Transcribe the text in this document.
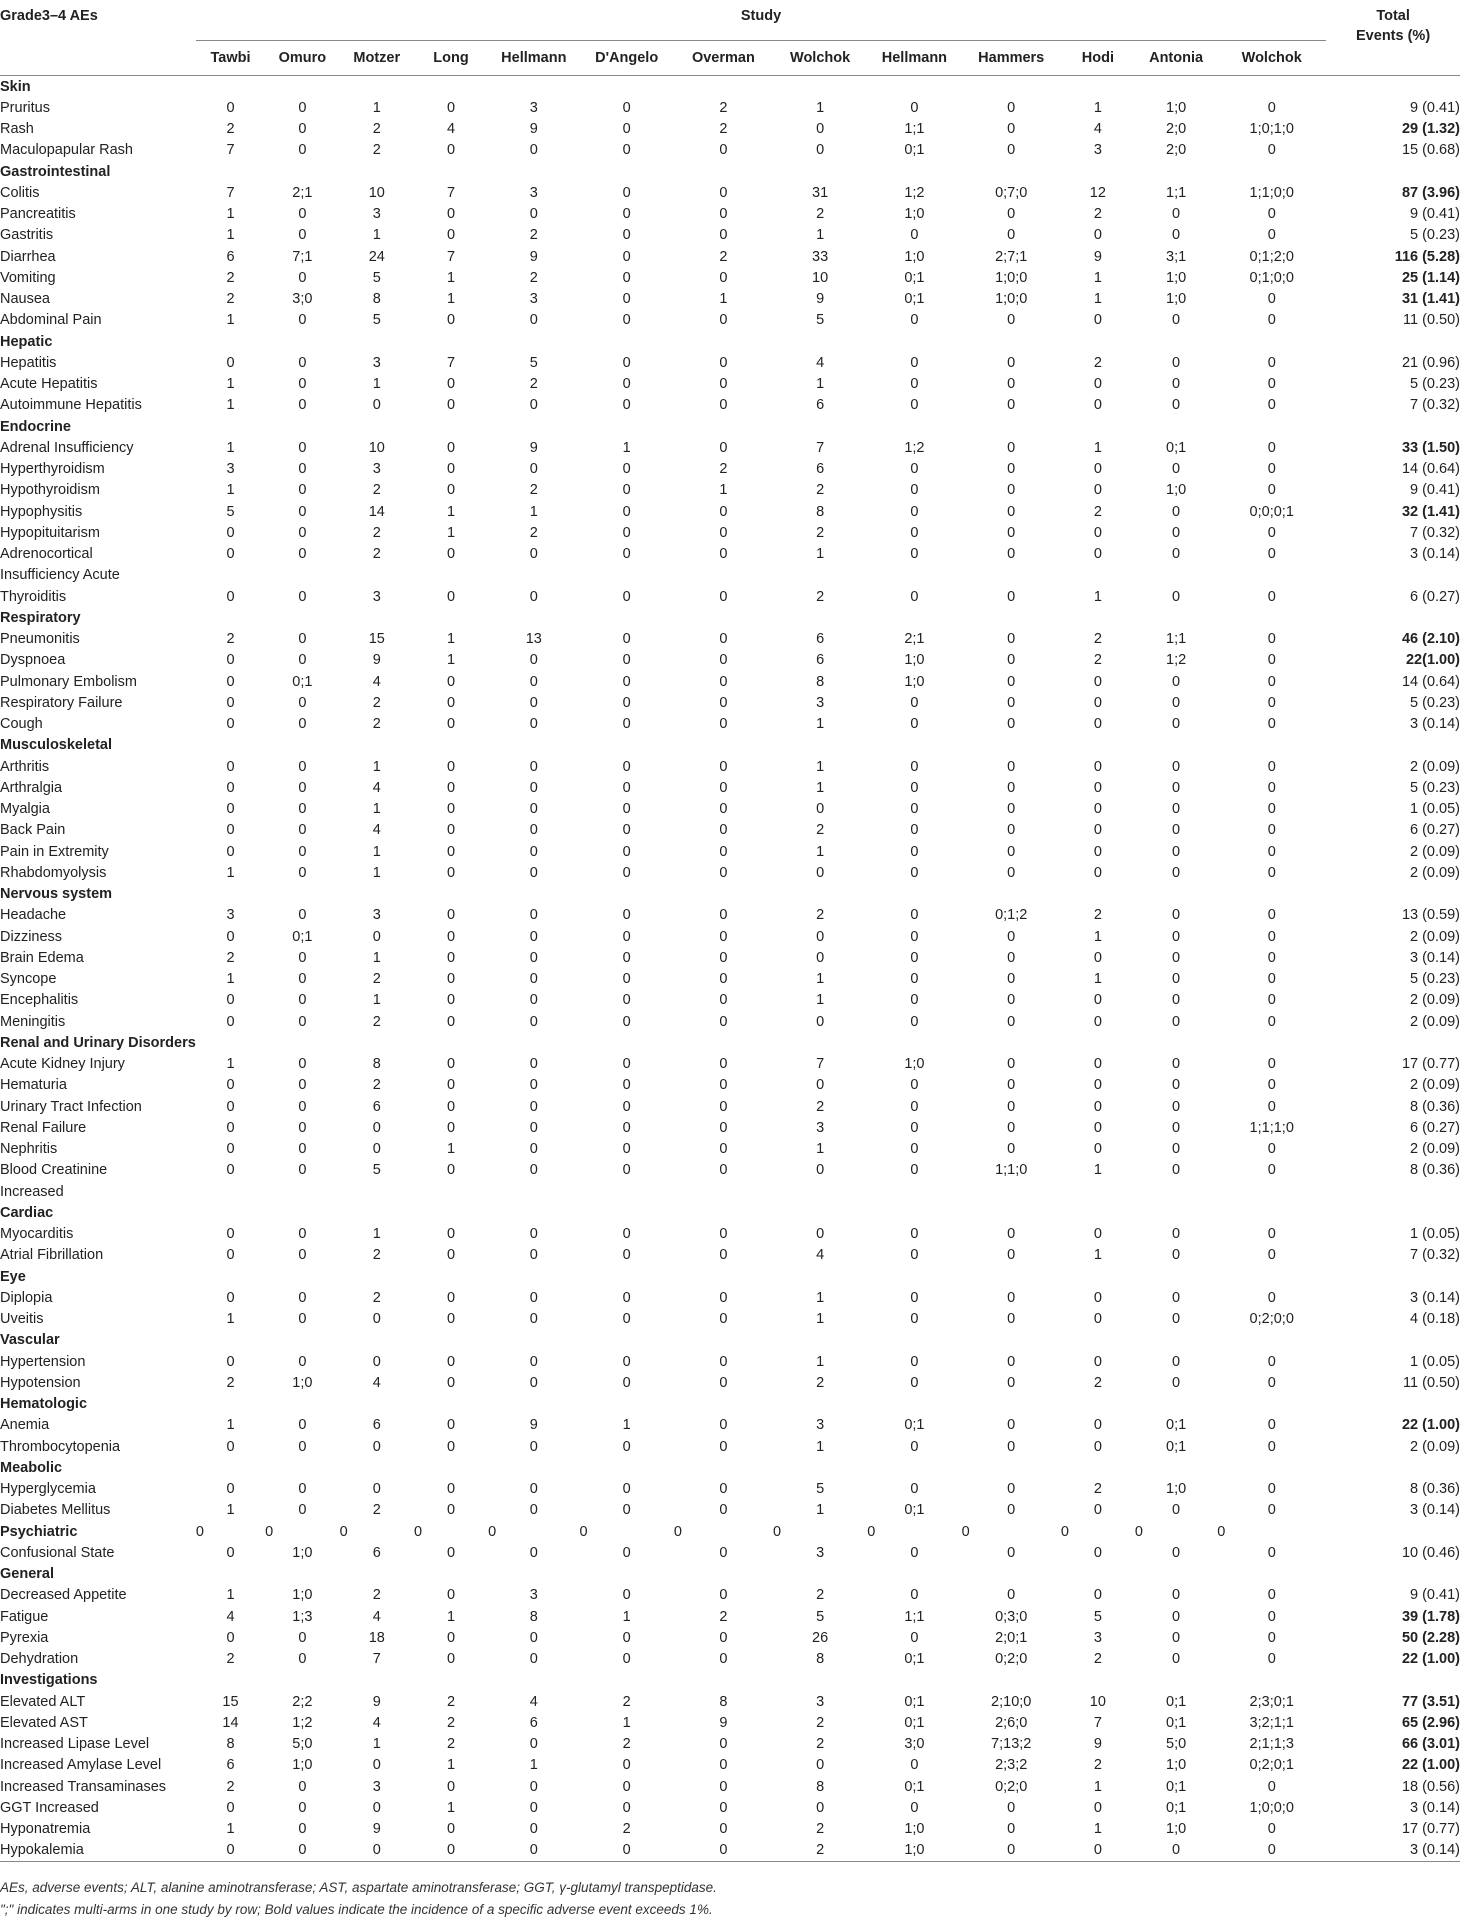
Grade3–4 AEs	Study													Total
Events (%)
	Tawbi	Omuro	Motzer	Long	Hellmann	D'Angelo	Overman	Wolchok	Hellmann	Hammers	Hodi	Antonia	Wolchok	
Skin														
Pruritus	0	0	1	0	3	0	2	1	0	0	1	1;0	0	9 (0.41)
Rash	2	0	2	4	9	0	2	0	1;1	0	4	2;0	1;0;1;0	29 (1.32)
Maculopapular Rash	7	0	2	0	0	0	0	0	0;1	0	3	2;0	0	15 (0.68)
Gastrointestinal														
Colitis	7	2;1	10	7	3	0	0	31	1;2	0;7;0	12	1;1	1;1;0;0	87 (3.96)
Pancreatitis	1	0	3	0	0	0	0	2	1;0	0	2	0	0	9 (0.41)
Gastritis	1	0	1	0	2	0	0	1	0	0	0	0	0	5 (0.23)
Diarrhea	6	7;1	24	7	9	0	2	33	1;0	2;7;1	9	3;1	0;1;2;0	116 (5.28)
Vomiting	2	0	5	1	2	0	0	10	0;1	1;0;0	1	1;0	0;1;0;0	25 (1.14)
Nausea	2	3;0	8	1	3	0	1	9	0;1	1;0;0	1	1;0	0	31 (1.41)
Abdominal Pain	1	0	5	0	0	0	0	5	0	0	0	0	0	11 (0.50)
Hepatic														
Hepatitis	0	0	3	7	5	0	0	4	0	0	2	0	0	21 (0.96)
Acute Hepatitis	1	0	1	0	2	0	0	1	0	0	0	0	0	5 (0.23)
Autoimmune Hepatitis	1	0	0	0	0	0	0	6	0	0	0	0	0	7 (0.32)
Endocrine														
Adrenal Insufficiency	1	0	10	0	9	1	0	7	1;2	0	1	0;1	0	33 (1.50)
Hyperthyroidism	3	0	3	0	0	0	2	6	0	0	0	0	0	14 (0.64)
Hypothyroidism	1	0	2	0	2	0	1	2	0	0	0	1;0	0	9 (0.41)
Hypophysitis	5	0	14	1	1	0	0	8	0	0	2	0	0;0;0;1	32 (1.41)
Hypopituitarism	0	0	2	1	2	0	0	2	0	0	0	0	0	7 (0.32)
Adrenocortical	0	0	2	0	0	0	0	1	0	0	0	0	0	3 (0.14)
Insufficiency Acute														
Thyroiditis	0	0	3	0	0	0	0	2	0	0	1	0	0	6 (0.27)
Respiratory														
Pneumonitis	2	0	15	1	13	0	0	6	2;1	0	2	1;1	0	46 (2.10)
Dyspnoea	0	0	9	1	0	0	0	6	1;0	0	2	1;2	0	22(1.00)
Pulmonary Embolism	0	0;1	4	0	0	0	0	8	1;0	0	0	0	0	14 (0.64)
Respiratory Failure	0	0	2	0	0	0	0	3	0	0	0	0	0	5 (0.23)
Cough	0	0	2	0	0	0	0	1	0	0	0	0	0	3 (0.14)
Musculoskeletal														
Arthritis	0	0	1	0	0	0	0	1	0	0	0	0	0	2 (0.09)
Arthralgia	0	0	4	0	0	0	0	1	0	0	0	0	0	5 (0.23)
Myalgia	0	0	1	0	0	0	0	0	0	0	0	0	0	1 (0.05)
Back Pain	0	0	4	0	0	0	0	2	0	0	0	0	0	6 (0.27)
Pain in Extremity	0	0	1	0	0	0	0	1	0	0	0	0	0	2 (0.09)
Rhabdomyolysis	1	0	1	0	0	0	0	0	0	0	0	0	0	2 (0.09)
Nervous system														
Headache	3	0	3	0	0	0	0	2	0	0;1;2	2	0	0	13 (0.59)
Dizziness	0	0;1	0	0	0	0	0	0	0	0	1	0	0	2 (0.09)
Brain Edema	2	0	1	0	0	0	0	0	0	0	0	0	0	3 (0.14)
Syncope	1	0	2	0	0	0	0	1	0	0	1	0	0	5 (0.23)
Encephalitis	0	0	1	0	0	0	0	1	0	0	0	0	0	2 (0.09)
Meningitis	0	0	2	0	0	0	0	0	0	0	0	0	0	2 (0.09)
Renal and Urinary Disorders														
Acute Kidney Injury	1	0	8	0	0	0	0	7	1;0	0	0	0	0	17 (0.77)
Hematuria	0	0	2	0	0	0	0	0	0	0	0	0	0	2 (0.09)
Urinary Tract Infection	0	0	6	0	0	0	0	2	0	0	0	0	0	8 (0.36)
Renal Failure	0	0	0	0	0	0	0	3	0	0	0	0	1;1;1;0	6 (0.27)
Nephritis	0	0	0	1	0	0	0	1	0	0	0	0	0	2 (0.09)
Blood Creatinine	0	0	5	0	0	0	0	0	0	1;1;0	1	0	0	8 (0.36)
Increased														
Cardiac														
Myocarditis	0	0	1	0	0	0	0	0	0	0	0	0	0	1 (0.05)
Atrial Fibrillation	0	0	2	0	0	0	0	4	0	0	1	0	0	7 (0.32)
Eye														
Diplopia	0	0	2	0	0	0	0	1	0	0	0	0	0	3 (0.14)
Uveitis	1	0	0	0	0	0	0	1	0	0	0	0	0;2;0;0	4 (0.18)
Vascular														
Hypertension	0	0	0	0	0	0	0	1	0	0	0	0	0	1 (0.05)
Hypotension	2	1;0	4	0	0	0	0	2	0	0	2	0	0	11 (0.50)
Hematologic														
Anemia	1	0	6	0	9	1	0	3	0;1	0	0	0;1	0	22 (1.00)
Thrombocytopenia	0	0	0	0	0	0	0	1	0	0	0	0;1	0	2 (0.09)
Meabolic														
Hyperglycemia	0	0	0	0	0	0	0	5	0	0	2	1;0	0	8 (0.36)
Diabetes Mellitus	1	0	2	0	0	0	0	1	0;1	0	0	0	0	3 (0.14)
Psychiatric	0	0	0	0	0	0	0	0	0	0	0	0	0	
Confusional State	0	1;0	6	0	0	0	0	3	0	0	0	0	0	10 (0.46)
General														
Decreased Appetite	1	1;0	2	0	3	0	0	2	0	0	0	0	0	9 (0.41)
Fatigue	4	1;3	4	1	8	1	2	5	1;1	0;3;0	5	0	0	39 (1.78)
Pyrexia	0	0	18	0	0	0	0	26	0	2;0;1	3	0	0	50 (2.28)
Dehydration	2	0	7	0	0	0	0	8	0;1	0;2;0	2	0	0	22 (1.00)
Investigations														
Elevated ALT	15	2;2	9	2	4	2	8	3	0;1	2;10;0	10	0;1	2;3;0;1	77 (3.51)
Elevated AST	14	1;2	4	2	6	1	9	2	0;1	2;6;0	7	0;1	3;2;1;1	65 (2.96)
Increased Lipase Level	8	5;0	1	2	0	2	0	2	3;0	7;13;2	9	5;0	2;1;1;3	66 (3.01)
Increased Amylase Level	6	1;0	0	1	1	0	0	0	0	2;3;2	2	1;0	0;2;0;1	22 (1.00)
Increased Transaminases	2	0	3	0	0	0	0	8	0;1	0;2;0	1	0;1	0	18 (0.56)
GGT Increased	0	0	0	1	0	0	0	0	0	0	0	0;1	1;0;0;0	3 (0.14)
Hyponatremia	1	0	9	0	0	2	0	2	1;0	0	1	1;0	0	17 (0.77)
Hypokalemia	0	0	0	0	0	0	0	2	1;0	0	0	0	0	3 (0.14)
AEs, adverse events; ALT, alanine aminotransferase; AST, aspartate aminotransferase; GGT, γ-glutamyl transpeptidase.
";" indicates multi-arms in one study by row; Bold values indicate the incidence of a specific adverse event exceeds 1%.
